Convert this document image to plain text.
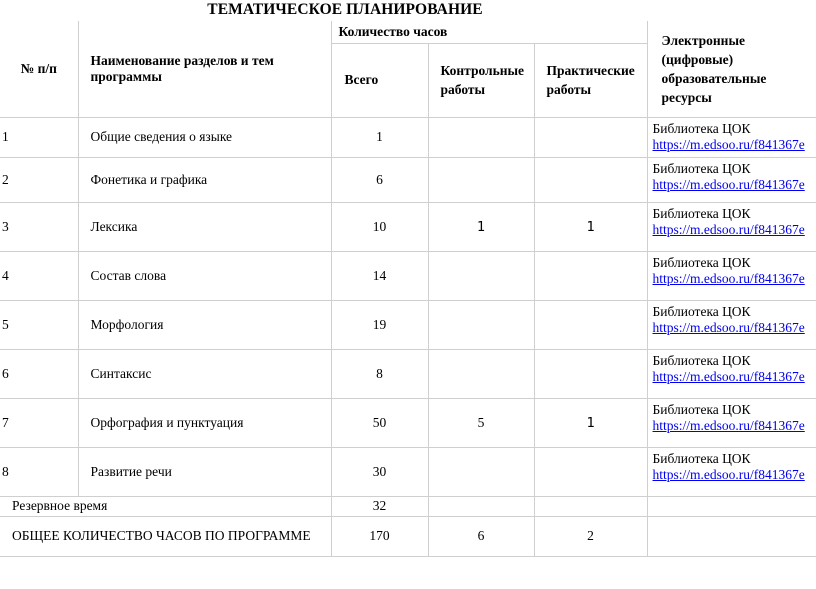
ТЕМАТИЧЕСКОЕ ПЛАНИРОВАНИЕ
№ п/п	Наименование разделов и тем программы	Количество часов			Электронные (цифровые) образовательные ресурсы
		Всего	Контрольные работы	Практические работы	
1	Общие сведения о языке	1			Библиотека ЦОК
https://m.edsoo.ru/f841367e
2	Фонетика и графика	6			Библиотека ЦОК
https://m.edsoo.ru/f841367e
3	Лексика	10	1	1	Библиотека ЦОК
https://m.edsoo.ru/f841367e
4	Состав слова	14			Библиотека ЦОК
https://m.edsoo.ru/f841367e
5	Морфология	19			Библиотека ЦОК
https://m.edsoo.ru/f841367e
6	Синтаксис	8			Библиотека ЦОК
https://m.edsoo.ru/f841367e
7	Орфография и пунктуация	50	5	1	Библиотека ЦОК
https://m.edsoo.ru/f841367e
8	Развитие речи	30			Библиотека ЦОК
https://m.edsoo.ru/f841367e
Резервное время		32			
ОБЩЕЕ КОЛИЧЕСТВО ЧАСОВ ПО ПРОГРАММЕ		170	6	2	
